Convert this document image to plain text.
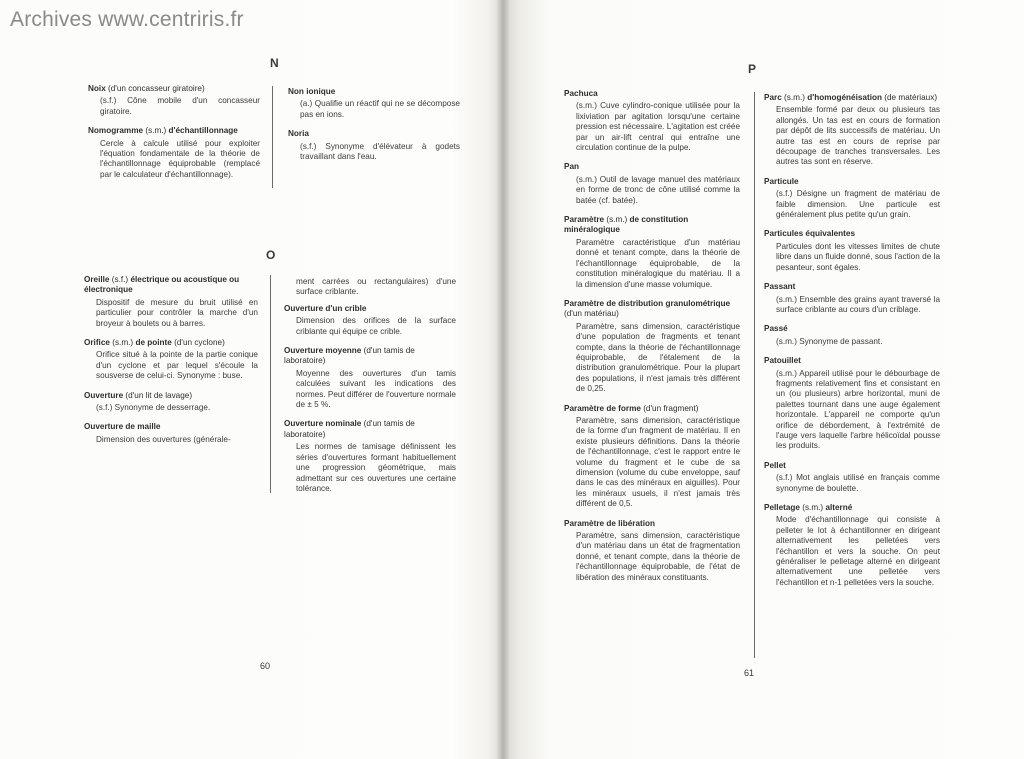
Archives www.centriris.fr
N
Noix (d'un concasseur giratoire)
(s.f.) Cône mobile d'un concasseur giratoire.
Nomogramme (s.m.) d'échantillonnage
Cercle à calcule utilisé pour exploiter l'équation fondamentale de la théorie de l'échantillonnage équiprobable (remplacé par le calculateur d'échantillonnage).
Non ionique
(a.) Qualifie un réactif qui ne se décompose pas en ions.
Noria
(s.f.) Synonyme d'élévateur à godets travaillant dans l'eau.
O
Oreille (s.f.) électrique ou acoustique ou électronique
Dispositif de mesure du bruit utilisé en particulier pour contrôler la marche d'un broyeur à boulets ou à barres.
Orifice (s.m.) de pointe (d'un cyclone)
Orifice situé à la pointe de la partie conique d'un cyclone et par lequel s'écoule la sousverse de celui-ci. Synonyme : buse.
Ouverture (d'un lit de lavage)
(s.f.) Synonyme de desserrage.
Ouverture de maille
Dimension des ouvertures (générale-
ment carrées ou rectangulaires) d'une surface criblante.
Ouverture d'un crible
Dimension des orifices de la surface criblante qui équipe ce crible.
Ouverture moyenne (d'un tamis de laboratoire)
Moyenne des ouvertures d'un tamis calculées suivant les indications des normes. Peut différer de l'ouverture normale de ± 5 %.
Ouverture nominale (d'un tamis de laboratoire)
Les normes de tamisage définissent les séries d'ouvertures formant habituellement une progression géométrique, mais admettant sur ces ouvertures une certaine tolérance.
60
P
Pachuca
(s.m.) Cuve cylindro-conique utilisée pour la lixiviation par agitation lorsqu'une certaine pression est nécessaire. L'agitation est créée par un air-lift central qui entraîne une circulation continue de la pulpe.
Pan
(s.m.) Outil de lavage manuel des matériaux en forme de tronc de cône utilisé comme la batée (cf. batée).
Paramètre (s.m.) de constitution minéralogique
Paramètre caractéristique d'un matériau donné et tenant compte, dans la théorie de l'échantillonnage équiprobable, de la constitution minéralogique du matériau. Il a la dimension d'une masse volumique.
Paramètre de distribution granulométrique (d'un matériau)
Paramètre, sans dimension, caractéristique d'une population de fragments et tenant compte, dans la théorie de l'échantillonnage équiprobable, de l'étalement de la distribution granulométrique. Pour la plupart des populations, il n'est jamais très différent de 0,25.
Paramètre de forme (d'un fragment)
Paramètre, sans dimension, caractéristique de la forme d'un fragment de matériau. Il en existe plusieurs définitions. Dans la théorie de l'échantillonnage, c'est le rapport entre le volume du fragment et le cube de sa dimension (volume du cube enveloppe, sauf dans le cas des minéraux en aiguilles). Pour les minéraux usuels, il n'est jamais très différent de 0,5.
Paramètre de libération
Paramètre, sans dimension, caractéristique d'un matériau dans un état de fragmentation donné, et tenant compte, dans la théorie de l'échantillonnage équiprobable, de l'état de libération des minéraux constituants.
Parc (s.m.) d'homogénéisation (de matériaux)
Ensemble formé par deux ou plusieurs tas allongés. Un tas est en cours de formation par dépôt de lits successifs de matériau. Un autre tas est en cours de reprise par découpage de tranches transversales. Les autres tas sont en réserve.
Particule
(s.f.) Désigne un fragment de matériau de faible dimension. Une particule est généralement plus petite qu'un grain.
Particules équivalentes
Particules dont les vitesses limites de chute libre dans un fluide donné, sous l'action de la pesanteur, sont égales.
Passant
(s.m.) Ensemble des grains ayant traversé la surface criblante au cours d'un criblage.
Passé
(s.m.) Synonyme de passant.
Patouillet
(s.m.) Appareil utilisé pour le débourbage de fragments relativement fins et consistant en un (ou plusieurs) arbre horizontal, muni de palettes tournant dans une auge également horizontale. L'appareil ne comporte qu'un orifice de débordement, à l'extrémité de l'auge vers laquelle l'arbre hélicoïdal pousse les produits.
Pellet
(s.f.) Mot anglais utilisé en français comme synonyme de boulette.
Pelletage (s.m.) alterné
Mode d'échantillonnage qui consiste à pelleter le lot à échantillonner en dirigeant alternativement les pelletées vers l'échantillon et vers la souche. On peut généraliser le pelletage alterné en dirigeant alternativement une pelletée vers l'échantillon et n-1 pelletées vers la souche.
61
